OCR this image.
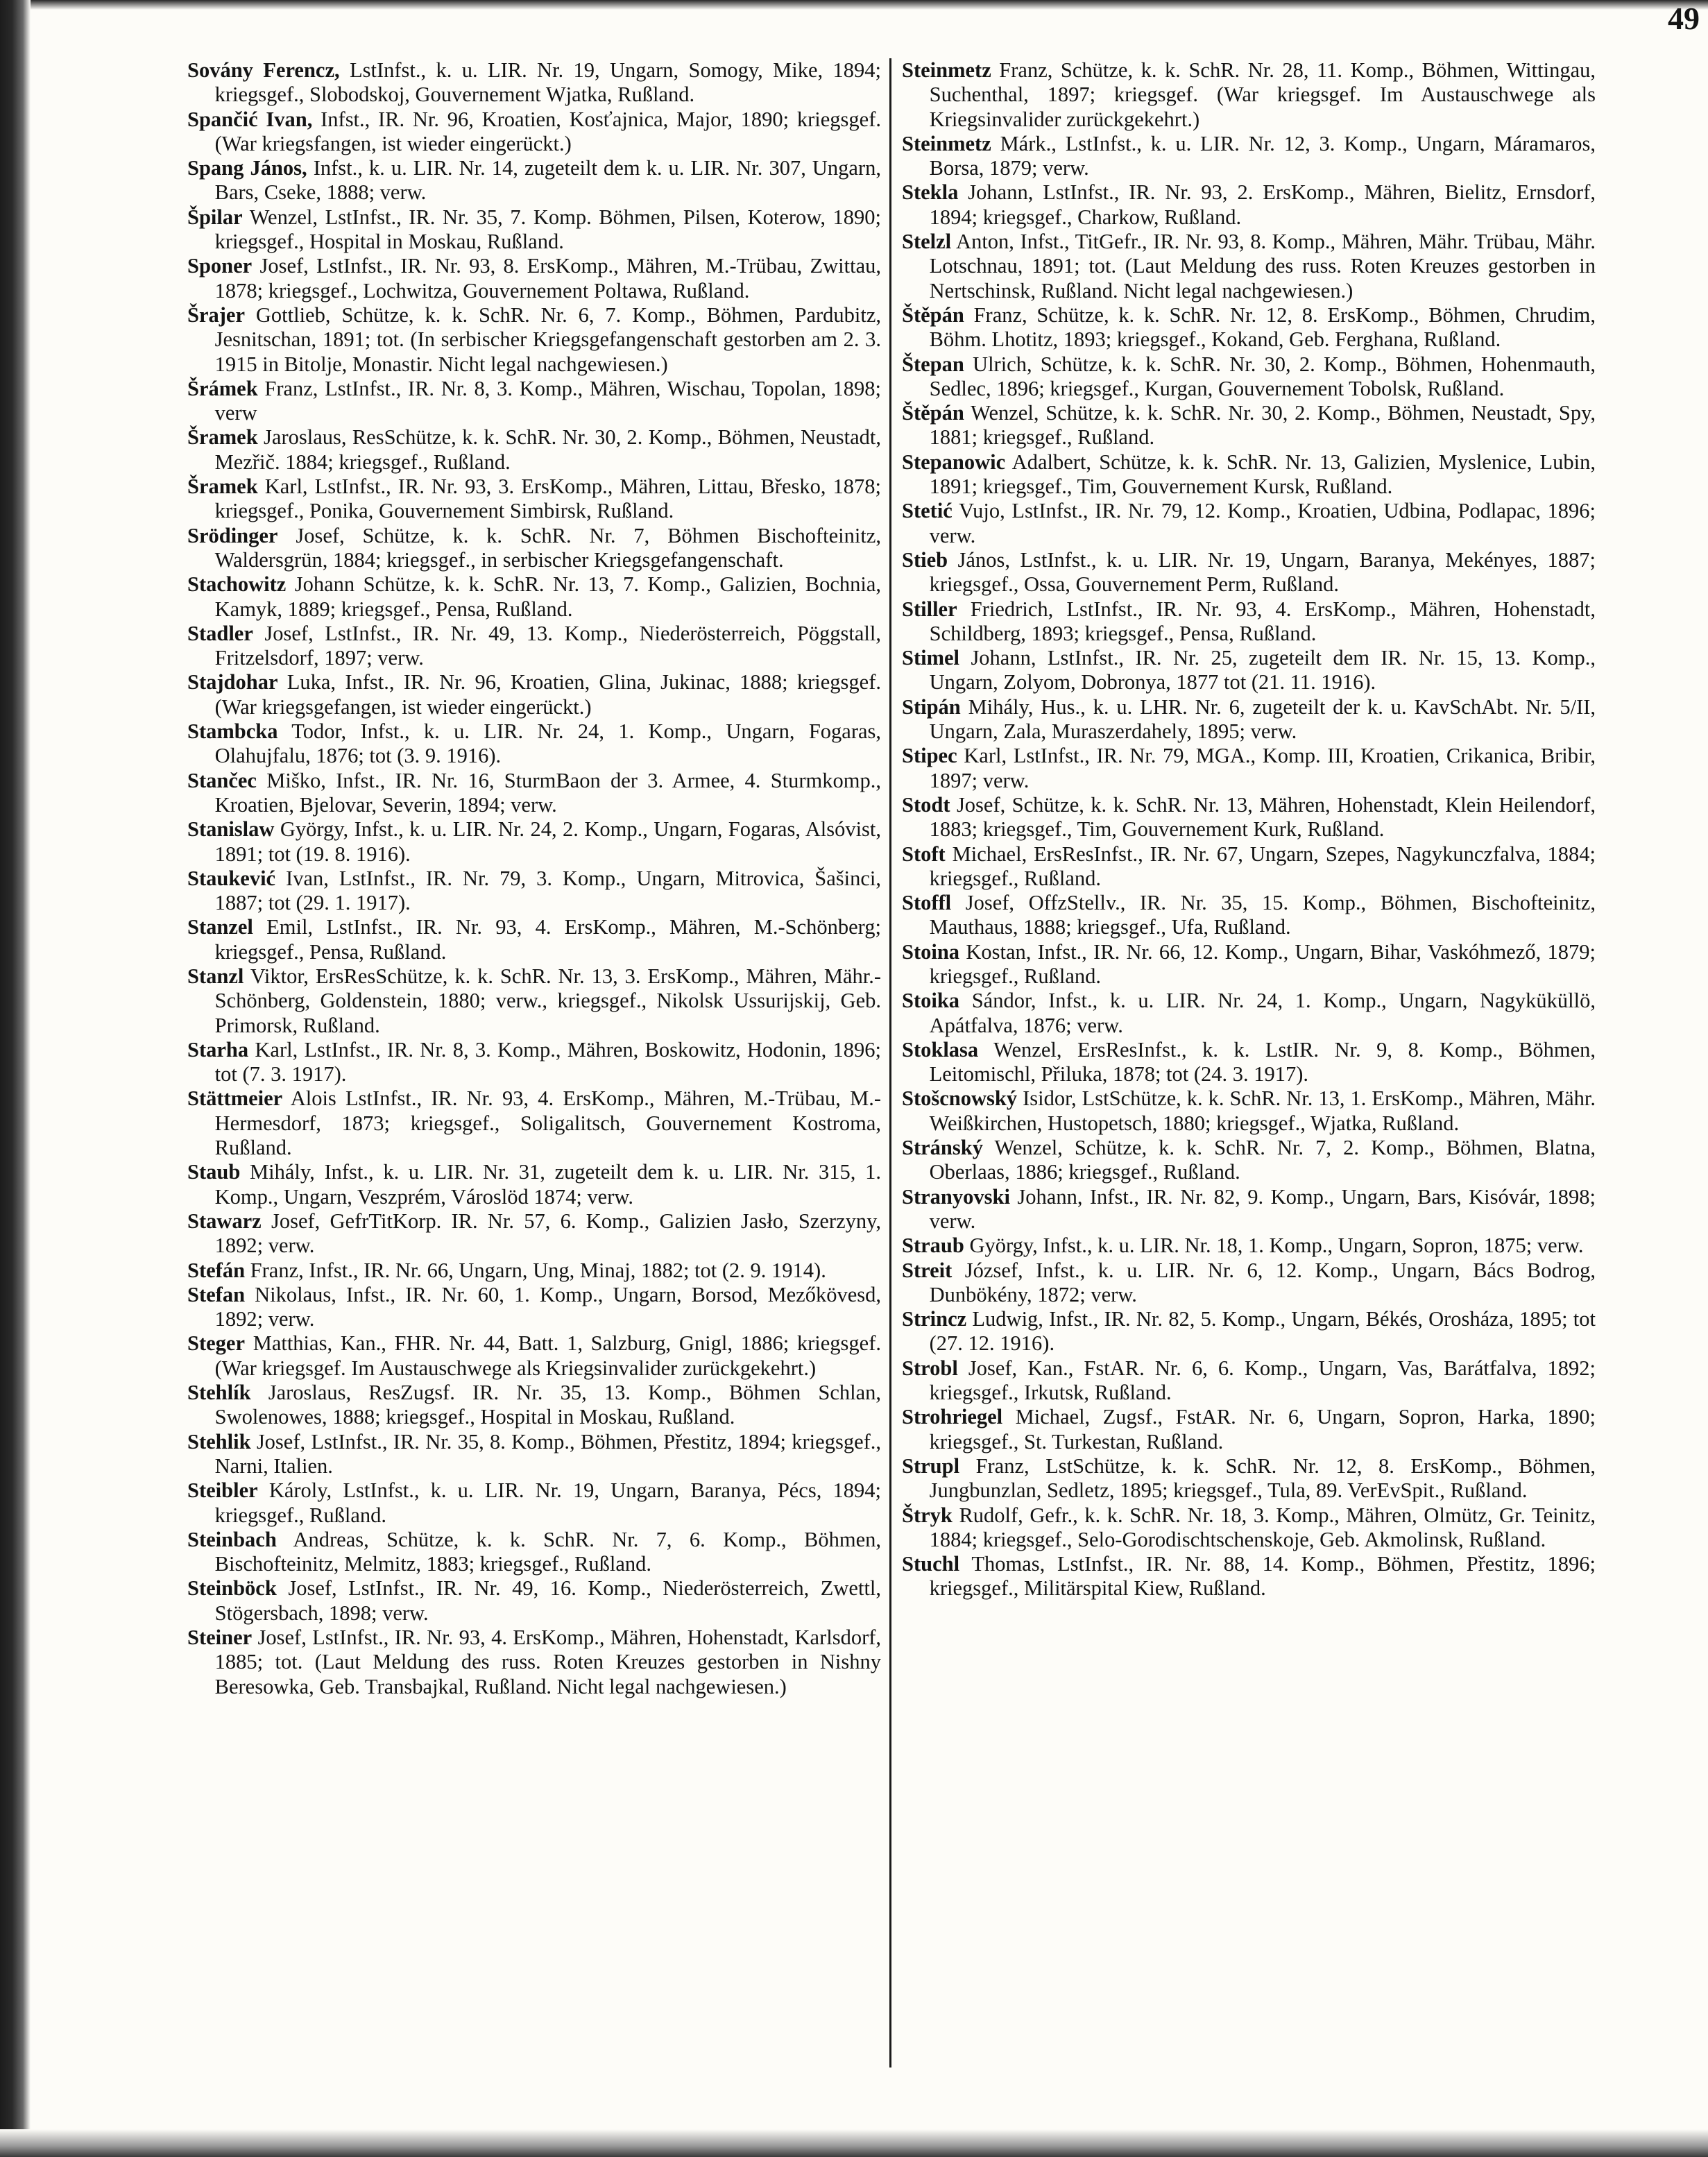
49

Sovány Ferencz, LstInfst., k. u. LIR. Nr. 19, Ungarn, Somogy, Mike, 1894; kriegsgef., Slobodskoj, Gouvernement Wjatka, Rußland.

Spančić Ivan, Infst., IR. Nr. 96, Kroatien, Kosťajnica, Major, 1890; kriegsgef. (War kriegsfangen, ist wieder eingerückt.)

Spang János, Infst., k. u. LIR. Nr. 14, zugeteilt dem k. u. LIR. Nr. 307, Ungarn, Bars, Cseke, 1888; verw.

Špilar Wenzel, LstInfst., IR. Nr. 35, 7. Komp. Böhmen, Pilsen, Koterow, 1890; kriegsgef., Hospital in Moskau, Rußland.

Sponer Josef, LstInfst., IR. Nr. 93, 8. ErsKomp., Mähren, M.-Trübau, Zwittau, 1878; kriegsgef., Lochwitza, Gouvernement Poltawa, Rußland.

Šrajer Gottlieb, Schütze, k. k. SchR. Nr. 6, 7. Komp., Böhmen, Pardubitz, Jesnitschan, 1891; tot. (In serbischer Kriegsgefangenschaft gestorben am 2. 3. 1915 in Bitolje, Monastir. Nicht legal nachgewiesen.)

Šrámek Franz, LstInfst., IR. Nr. 8, 3. Komp., Mähren, Wischau, Topolan, 1898; verw

Šramek Jaroslaus, ResSchütze, k. k. SchR. Nr. 30, 2. Komp., Böhmen, Neustadt, Mezřič. 1884; kriegsgef., Rußland.

Šramek Karl, LstInfst., IR. Nr. 93, 3. ErsKomp., Mähren, Littau, Břesko, 1878; kriegsgef., Ponika, Gouvernement Simbirsk, Rußland.

Srödinger Josef, Schütze, k. k. SchR. Nr. 7, Böhmen Bischofteinitz, Waldersgrün, 1884; kriegsgef., in serbischer Kriegsgefangenschaft.

Stachowitz Johann Schütze, k. k. SchR. Nr. 13, 7. Komp., Galizien, Bochnia, Kamyk, 1889; kriegsgef., Pensa, Rußland.

Stadler Josef, LstInfst., IR. Nr. 49, 13. Komp., Niederösterreich, Pöggstall, Fritzelsdorf, 1897; verw.

Stajdohar Luka, Infst., IR. Nr. 96, Kroatien, Glina, Jukinac, 1888; kriegsgef. (War kriegsgefangen, ist wieder eingerückt.)

Stambcka Todor, Infst., k. u. LIR. Nr. 24, 1. Komp., Ungarn, Fogaras, Olahujfalu, 1876; tot (3. 9. 1916).

Stančec Miško, Infst., IR. Nr. 16, SturmBaon der 3. Armee, 4. Sturmkomp., Kroatien, Bjelovar, Severin, 1894; verw.

Stanislaw György, Infst., k. u. LIR. Nr. 24, 2. Komp., Ungarn, Fogaras, Alsóvist, 1891; tot (19. 8. 1916).

Staukević Ivan, LstInfst., IR. Nr. 79, 3. Komp., Ungarn, Mitrovica, Šašinci, 1887; tot (29. 1. 1917).

Stanzel Emil, LstInfst., IR. Nr. 93, 4. ErsKomp., Mähren, M.-Schönberg; kriegsgef., Pensa, Rußland.

Stanzl Viktor, ErsResSchütze, k. k. SchR. Nr. 13, 3. ErsKomp., Mähren, Mähr.-Schönberg, Goldenstein, 1880; verw., kriegsgef., Nikolsk Ussurijskij, Geb. Primorsk, Rußland.

Starha Karl, LstInfst., IR. Nr. 8, 3. Komp., Mähren, Boskowitz, Hodonin, 1896; tot (7. 3. 1917).

Stättmeier Alois LstInfst., IR. Nr. 93, 4. ErsKomp., Mähren, M.-Trübau, M.-Hermesdorf, 1873; kriegsgef., Soligalitsch, Gouvernement Kostroma, Rußland.

Staub Mihály, Infst., k. u. LIR. Nr. 31, zugeteilt dem k. u. LIR. Nr. 315, 1. Komp., Ungarn, Veszprém, Városlöd 1874; verw.

Stawarz Josef, GefrTitKorp. IR. Nr. 57, 6. Komp., Galizien Jasło, Szerzyny, 1892; verw.

Stefán Franz, Infst., IR. Nr. 66, Ungarn, Ung, Minaj, 1882; tot (2. 9. 1914).

Stefan Nikolaus, Infst., IR. Nr. 60, 1. Komp., Ungarn, Borsod, Mezőkövesd, 1892; verw.

Steger Matthias, Kan., FHR. Nr. 44, Batt. 1, Salzburg, Gnigl, 1886; kriegsgef. (War kriegsgef. Im Austauschwege als Kriegsinvalider zurückgekehrt.)

Stehlík Jaroslaus, ResZugsf. IR. Nr. 35, 13. Komp., Böhmen Schlan, Swolenowes, 1888; kriegsgef., Hospital in Moskau, Rußland.

Stehlik Josef, LstInfst., IR. Nr. 35, 8. Komp., Böhmen, Přestitz, 1894; kriegsgef., Narni, Italien.

Steibler Károly, LstInfst., k. u. LIR. Nr. 19, Ungarn, Baranya, Pécs, 1894; kriegsgef., Rußland.

Steinbach Andreas, Schütze, k. k. SchR. Nr. 7, 6. Komp., Böhmen, Bischofteinitz, Melmitz, 1883; kriegsgef., Rußland.

Steinböck Josef, LstInfst., IR. Nr. 49, 16. Komp., Niederösterreich, Zwettl, Stögersbach, 1898; verw.

Steiner Josef, LstInfst., IR. Nr. 93, 4. ErsKomp., Mähren, Hohenstadt, Karlsdorf, 1885; tot. (Laut Meldung des russ. Roten Kreuzes gestorben in Nishny Beresowka, Geb. Transbajkal, Rußland. Nicht legal nachgewiesen.)

Steinmetz Franz, Schütze, k. k. SchR. Nr. 28, 11. Komp., Böhmen, Wittingau, Suchenthal, 1897; kriegsgef. (War kriegsgef. Im Austauschwege als Kriegsinvalider zurückgekehrt.)

Steinmetz Márk., LstInfst., k. u. LIR. Nr. 12, 3. Komp., Ungarn, Máramaros, Borsa, 1879; verw.

Stekla Johann, LstInfst., IR. Nr. 93, 2. ErsKomp., Mähren, Bielitz, Ernsdorf, 1894; kriegsgef., Charkow, Rußland.

Stelzl Anton, Infst., TitGefr., IR. Nr. 93, 8. Komp., Mähren, Mähr. Trübau, Mähr. Lotschnau, 1891; tot. (Laut Meldung des russ. Roten Kreuzes gestorben in Nertschinsk, Rußland. Nicht legal nachgewiesen.)

Štěpán Franz, Schütze, k. k. SchR. Nr. 12, 8. ErsKomp., Böhmen, Chrudim, Böhm. Lhotitz, 1893; kriegsgef., Kokand, Geb. Ferghana, Rußland.

Štepan Ulrich, Schütze, k. k. SchR. Nr. 30, 2. Komp., Böhmen, Hohenmauth, Sedlec, 1896; kriegsgef., Kurgan, Gouvernement Tobolsk, Rußland.

Štěpán Wenzel, Schütze, k. k. SchR. Nr. 30, 2. Komp., Böhmen, Neustadt, Spy, 1881; kriegsgef., Rußland.

Stepanowic Adalbert, Schütze, k. k. SchR. Nr. 13, Galizien, Myslenice, Lubin, 1891; kriegsgef., Tim, Gouvernement Kursk, Rußland.

Stetić Vujo, LstInfst., IR. Nr. 79, 12. Komp., Kroatien, Udbina, Podlapac, 1896; verw.

Stieb János, LstInfst., k. u. LIR. Nr. 19, Ungarn, Baranya, Mekényes, 1887; kriegsgef., Ossa, Gouvernement Perm, Rußland.

Stiller Friedrich, LstInfst., IR. Nr. 93, 4. ErsKomp., Mähren, Hohenstadt, Schildberg, 1893; kriegsgef., Pensa, Rußland.

Stimel Johann, LstInfst., IR. Nr. 25, zugeteilt dem IR. Nr. 15, 13. Komp., Ungarn, Zolyom, Dobronya, 1877 tot (21. 11. 1916).

Stipán Mihály, Hus., k. u. LHR. Nr. 6, zugeteilt der k. u. KavSchAbt. Nr. 5/II, Ungarn, Zala, Muraszerdahely, 1895; verw.

Stipec Karl, LstInfst., IR. Nr. 79, MGA., Komp. III, Kroatien, Crikanica, Bribir, 1897; verw.

Stodt Josef, Schütze, k. k. SchR. Nr. 13, Mähren, Hohenstadt, Klein Heilendorf, 1883; kriegsgef., Tim, Gouvernement Kurk, Rußland.

Stoft Michael, ErsResInfst., IR. Nr. 67, Ungarn, Szepes, Nagykunczfalva, 1884; kriegsgef., Rußland.

Stoffl Josef, OffzStellv., IR. Nr. 35, 15. Komp., Böhmen, Bischofteinitz, Mauthaus, 1888; kriegsgef., Ufa, Rußland.

Stoina Kostan, Infst., IR. Nr. 66, 12. Komp., Ungarn, Bihar, Vaskóhmező, 1879; kriegsgef., Rußland.

Stoika Sándor, Infst., k. u. LIR. Nr. 24, 1. Komp., Ungarn, Nagyküküllö, Apátfalva, 1876; verw.

Stoklasa Wenzel, ErsResInfst., k. k. LstIR. Nr. 9, 8. Komp., Böhmen, Leitomischl, Přiluka, 1878; tot (24. 3. 1917).

Stošcnowský Isidor, LstSchütze, k. k. SchR. Nr. 13, 1. ErsKomp., Mähren, Mähr. Weißkirchen, Hustopetsch, 1880; kriegsgef., Wjatka, Rußland.

Stránský Wenzel, Schütze, k. k. SchR. Nr. 7, 2. Komp., Böhmen, Blatna, Oberlaas, 1886; kriegsgef., Rußland.

Stranyovski Johann, Infst., IR. Nr. 82, 9. Komp., Ungarn, Bars, Kisóvár, 1898; verw.

Straub György, Infst., k. u. LIR. Nr. 18, 1. Komp., Ungarn, Sopron, 1875; verw.

Streit József, Infst., k. u. LIR. Nr. 6, 12. Komp., Ungarn, Bács Bodrog, Dunbökény, 1872; verw.

Strincz Ludwig, Infst., IR. Nr. 82, 5. Komp., Ungarn, Békés, Orosháza, 1895; tot (27. 12. 1916).

Strobl Josef, Kan., FstAR. Nr. 6, 6. Komp., Ungarn, Vas, Barátfalva, 1892; kriegsgef., Irkutsk, Rußland.

Strohriegel Michael, Zugsf., FstAR. Nr. 6, Ungarn, Sopron, Harka, 1890; kriegsgef., St. Turkestan, Rußland.

Strupl Franz, LstSchütze, k. k. SchR. Nr. 12, 8. ErsKomp., Böhmen, Jungbunzlan, Sedletz, 1895; kriegsgef., Tula, 89. VerEvSpit., Rußland.

Štryk Rudolf, Gefr., k. k. SchR. Nr. 18, 3. Komp., Mähren, Olmütz, Gr. Teinitz, 1884; kriegsgef., Selo-Gorodischtschenskoje, Geb. Akmolinsk, Rußland.

Stuchl Thomas, LstInfst., IR. Nr. 88, 14. Komp., Böhmen, Přestitz, 1896; kriegsgef., Militärspital Kiew, Rußland.
